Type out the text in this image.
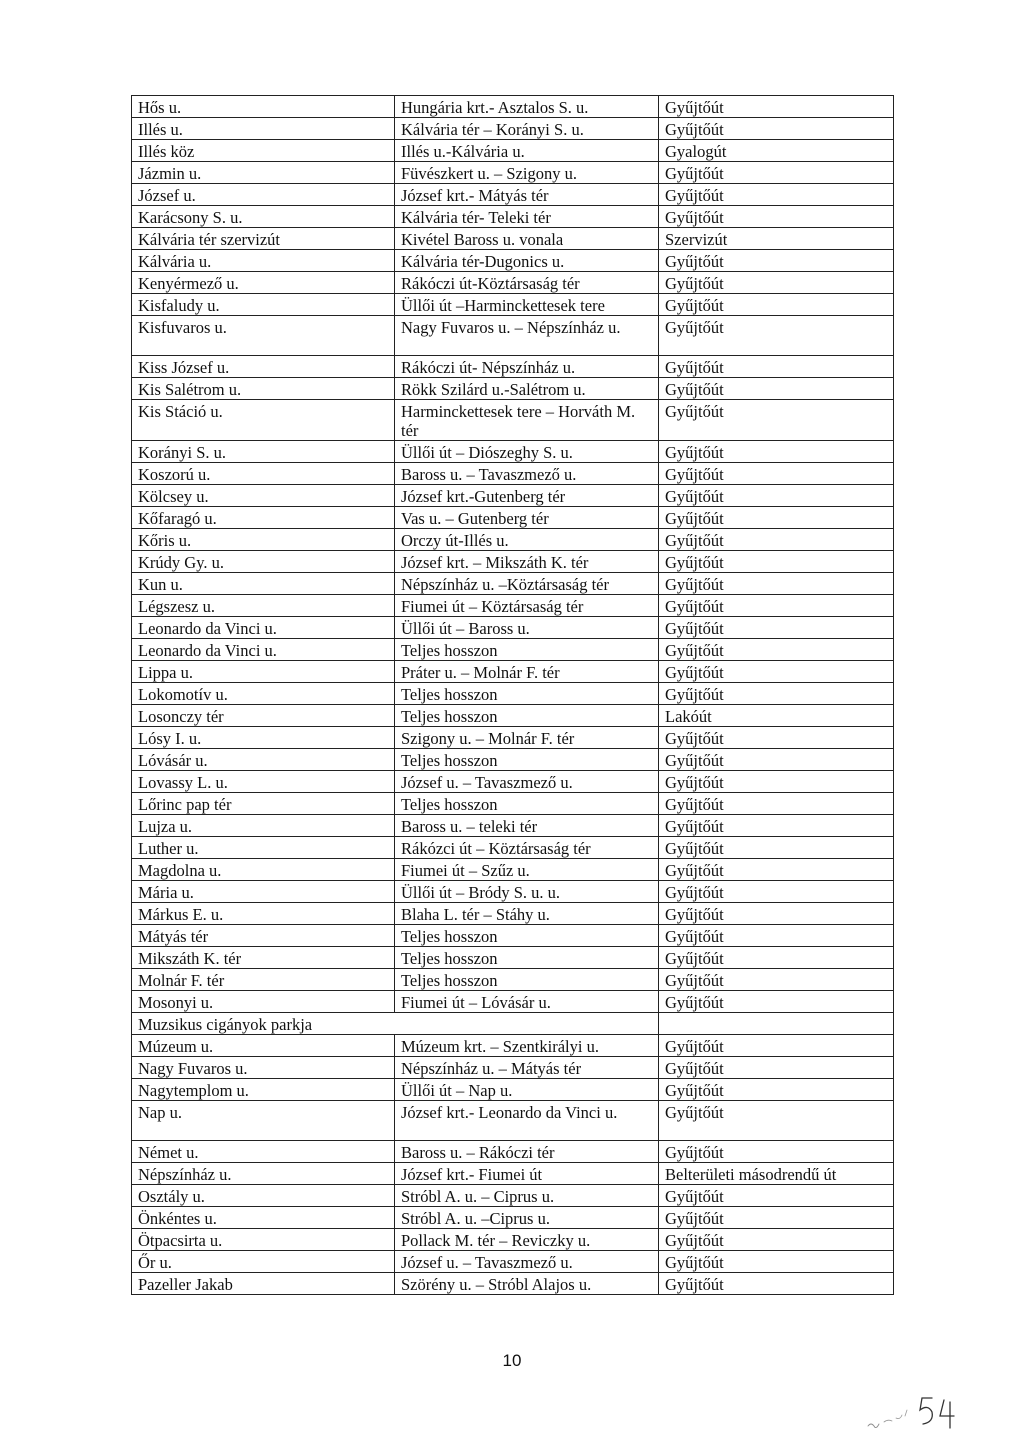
Hős u.	Hungária krt.- Asztalos S. u.	Gyűjtőút
Illés u.	Kálvária tér – Korányi S. u.	Gyűjtőút
Illés köz	Illés u.-Kálvária u.	Gyalogút
Jázmin u.	Füvészkert u. – Szigony u.	Gyűjtőút
József u.	József krt.- Mátyás tér	Gyűjtőút
Karácsony S. u.	Kálvária tér- Teleki tér	Gyűjtőút
Kálvária tér szervizút	Kivétel Baross u. vonala	Szervizút
Kálvária u.	Kálvária tér-Dugonics u.	Gyűjtőút
Kenyérmező u.	Rákóczi út-Köztársaság tér	Gyűjtőút
Kisfaludy u.	Üllői út –Harminckettesek tere	Gyűjtőút
Kisfuvaros u.	Nagy Fuvaros u. – Népszínház u.	Gyűjtőút
Kiss József u.	Rákóczi út- Népszínház u.	Gyűjtőút
Kis Salétrom u.	Rökk Szilárd u.-Salétrom u.	Gyűjtőút
Kis Stáció u.	Harminckettesek tere – Horváth M. tér	Gyűjtőút
Korányi S. u.	Üllői út – Diószeghy S. u.	Gyűjtőút
Koszorú u.	Baross u. – Tavaszmező u.	Gyűjtőút
Kölcsey u.	József krt.-Gutenberg tér	Gyűjtőút
Kőfaragó u.	Vas u. – Gutenberg tér	Gyűjtőút
Kőris u.	Orczy út-Illés u.	Gyűjtőút
Krúdy Gy. u.	József krt. – Mikszáth K. tér	Gyűjtőút
Kun u.	Népszínház u. –Köztársaság tér	Gyűjtőút
Légszesz u.	Fiumei út – Köztársaság tér	Gyűjtőút
Leonardo da Vinci u.	Üllői út – Baross u.	Gyűjtőút
Leonardo da Vinci u.	Teljes hosszon	Gyűjtőút
Lippa u.	Práter u. – Molnár F. tér	Gyűjtőút
Lokomotív u.	Teljes hosszon	Gyűjtőút
Losonczy tér	Teljes hosszon	Lakóút
Lósy I. u.	Szigony u. – Molnár F. tér	Gyűjtőút
Lóvásár u.	Teljes hosszon	Gyűjtőút
Lovassy L. u.	József u. – Tavaszmező u.	Gyűjtőút
Lőrinc pap tér	Teljes hosszon	Gyűjtőút
Lujza u.	Baross u. – teleki tér	Gyűjtőút
Luther u.	Rákózci út – Köztársaság tér	Gyűjtőút
Magdolna u.	Fiumei út – Szűz u.	Gyűjtőút
Mária u.	Üllői út – Bródy S. u. u.	Gyűjtőút
Márkus E. u.	Blaha L. tér – Stáhy u.	Gyűjtőút
Mátyás tér	Teljes hosszon	Gyűjtőút
Mikszáth K. tér	Teljes hosszon	Gyűjtőút
Molnár F. tér	Teljes hosszon	Gyűjtőút
Mosonyi u.	Fiumei út – Lóvásár u.	Gyűjtőút
Muzsikus cigányok parkja		
Múzeum u.	Múzeum krt. – Szentkirályi u.	Gyűjtőút
Nagy Fuvaros u.	Népszínház u. – Mátyás tér	Gyűjtőút
Nagytemplom u.	Üllői út – Nap u.	Gyűjtőút
Nap u.	József krt.- Leonardo da Vinci u.	Gyűjtőút
Német u.	Baross u. – Rákóczi tér	Gyűjtőút
Népszínház u.	József krt.- Fiumei út	Belterületi másodrendű út
Osztály u.	Stróbl A. u. – Ciprus u.	Gyűjtőút
Önkéntes u.	Stróbl A. u. –Ciprus u.	Gyűjtőút
Ötpacsirta u.	Pollack M. tér – Reviczky u.	Gyűjtőút
Őr u.	József u. – Tavaszmező u.	Gyűjtőút
Pazeller Jakab	Szörény u. – Stróbl Alajos u.	Gyűjtőút
10
